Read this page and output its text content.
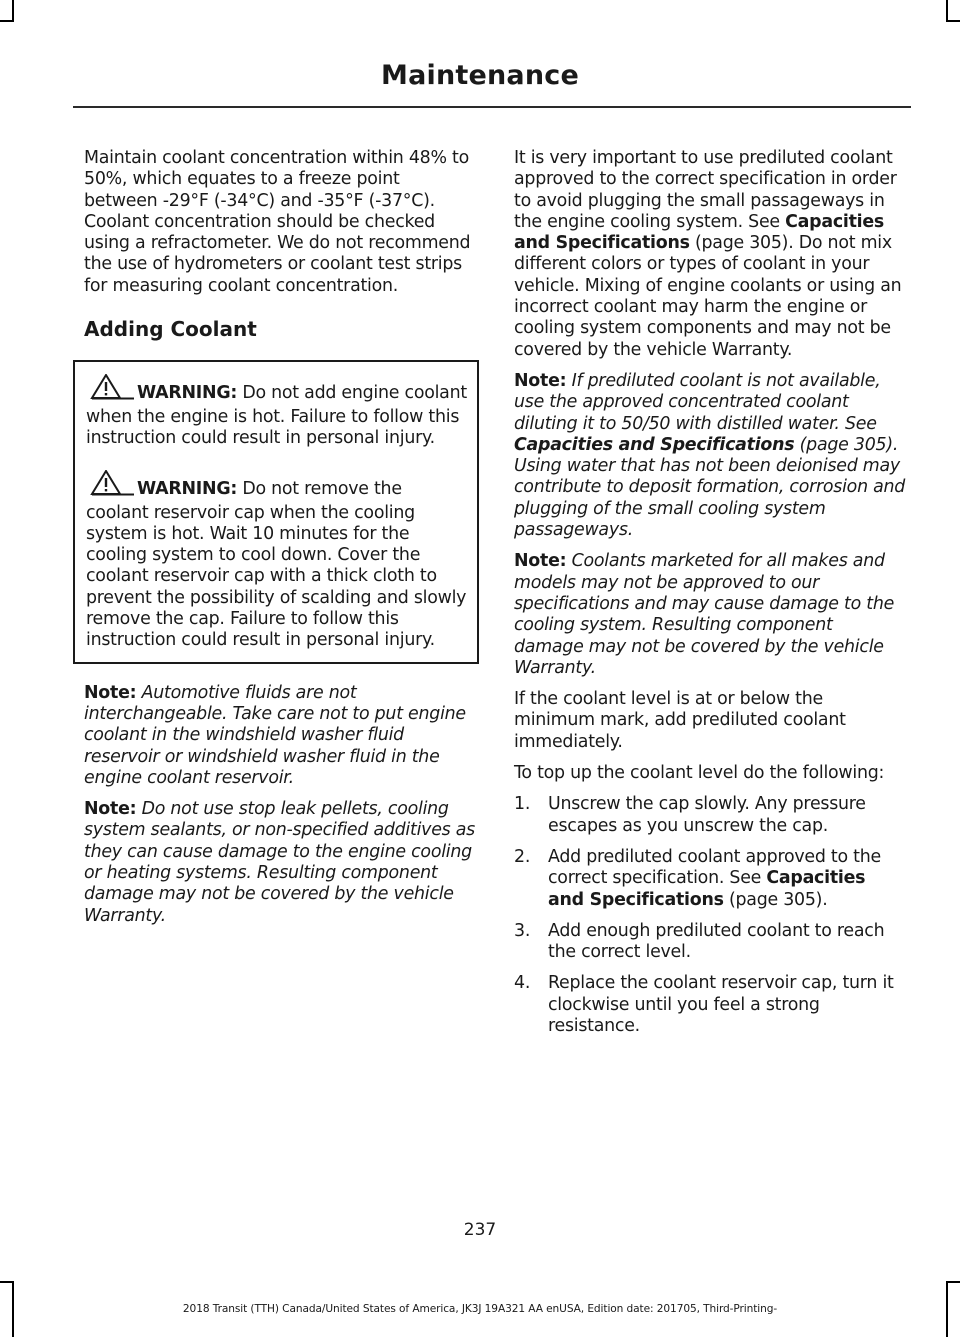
Maintenance

Maintain coolant concentration within 48% to 50%, which equates to a freeze point between -29°F (-34°C) and -35°F (-37°C). Coolant concentration should be checked using a refractometer. We do not recommend the use of hydrometers or coolant test strips for measuring coolant concentration.

Adding Coolant

WARNING: Do not add engine coolant when the engine is hot. Failure to follow this instruction could result in personal injury.

WARNING: Do not remove the coolant reservoir cap when the cooling system is hot. Wait 10 minutes for the cooling system to cool down. Cover the coolant reservoir cap with a thick cloth to prevent the possibility of scalding and slowly remove the cap. Failure to follow this instruction could result in personal injury.

Note: Automotive fluids are not interchangeable. Take care not to put engine coolant in the windshield washer fluid reservoir or windshield washer fluid in the engine coolant reservoir.

Note: Do not use stop leak pellets, cooling system sealants, or non-specified additives as they can cause damage to the engine cooling or heating systems. Resulting component damage may not be covered by the vehicle Warranty.

It is very important to use prediluted coolant approved to the correct specification in order to avoid plugging the small passageways in the engine cooling system. See Capacities and Specifications (page 305). Do not mix different colors or types of coolant in your vehicle. Mixing of engine coolants or using an incorrect coolant may harm the engine or cooling system components and may not be covered by the vehicle Warranty.

Note: If prediluted coolant is not available, use the approved concentrated coolant diluting it to 50/50 with distilled water. See Capacities and Specifications (page 305). Using water that has not been deionised may contribute to deposit formation, corrosion and plugging of the small cooling system passageways.

Note: Coolants marketed for all makes and models may not be approved to our specifications and may cause damage to the cooling system. Resulting component damage may not be covered by the vehicle Warranty.

If the coolant level is at or below the minimum mark, add prediluted coolant immediately.

To top up the coolant level do the following:

1. Unscrew the cap slowly. Any pressure escapes as you unscrew the cap.
2. Add prediluted coolant approved to the correct specification. See Capacities and Specifications (page 305).
3. Add enough prediluted coolant to reach the correct level.
4. Replace the coolant reservoir cap, turn it clockwise until you feel a strong resistance.
237
2018 Transit (TTH) Canada/United States of America, JK3J 19A321 AA enUSA, Edition date: 201705, Third-Printing-
